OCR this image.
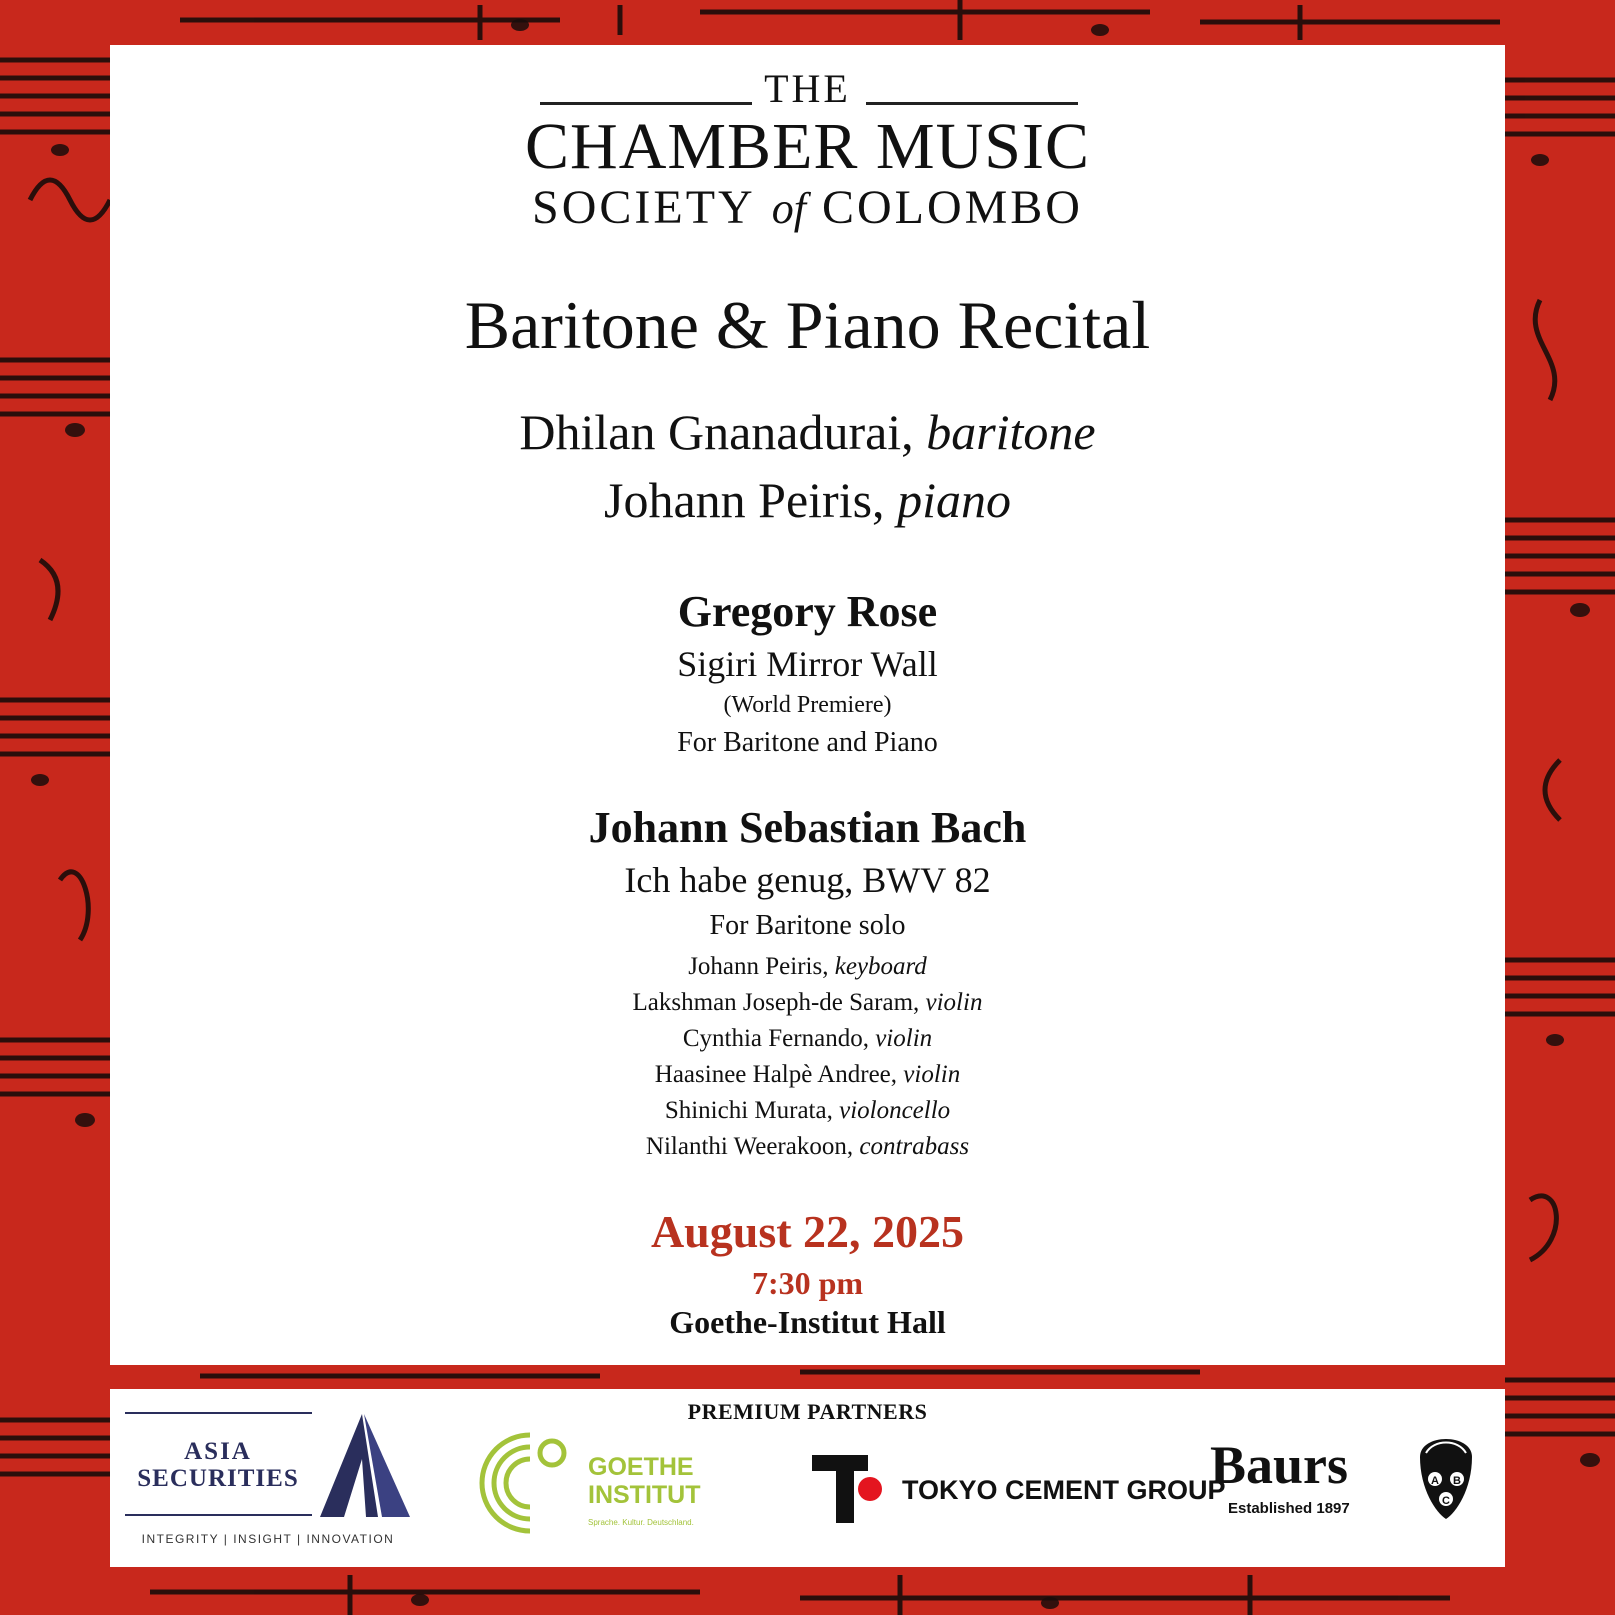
THE
CHAMBER MUSIC
SOCIETY of COLOMBO
Baritone & Piano Recital
Dhilan Gnanadurai, baritone
Johann Peiris, piano
Gregory Rose
Sigiri Mirror Wall
(World Premiere)
For Baritone and Piano
Johann Sebastian Bach
Ich habe genug, BWV 82
For Baritone solo
Johann Peiris, keyboard
Lakshman Joseph-de Saram, violin
Cynthia Fernando, violin
Haasinee Halpè Andree, violin
Shinichi Murata, violoncello
Nilanthi Weerakoon, contrabass
August 22, 2025
7:30 pm
Goethe-Institut Hall
PREMIUM PARTNERS
ASIA
SECURITIES
INTEGRITY | INSIGHT | INNOVATION
GOETHE
INSTITUT
Sprache. Kultur. Deutschland.
TOKYO CEMENT GROUP
Baurs
Established 1897
A B
C
